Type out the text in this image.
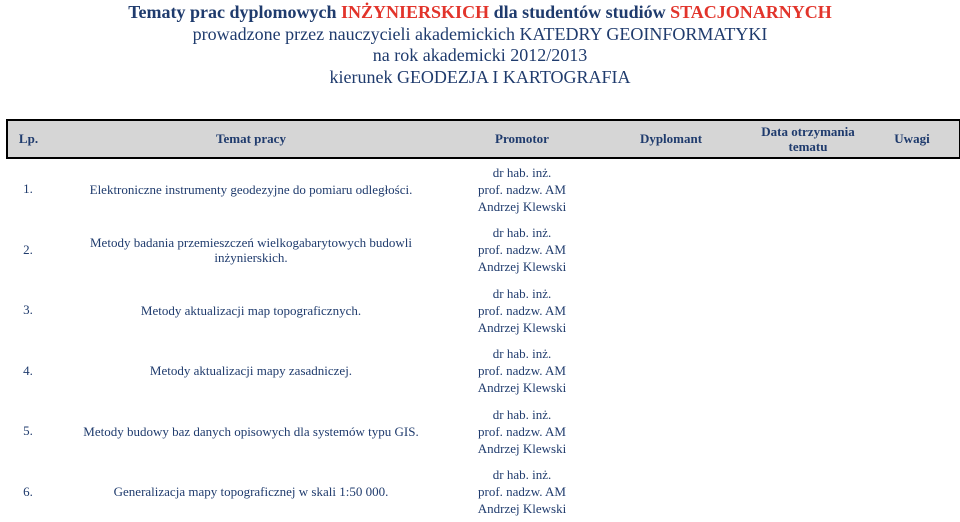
Tematy prac dyplomowych INŻYNIERSKICH dla studentów studiów STACJONARNYCH
prowadzone przez nauczycieli akademickich KATEDRY GEOINFORMATYKI
na rok akademicki 2012/2013
kierunek GEODEZJA I KARTOGRAFIA
Lp.	Temat pracy	Promotor	Dyplomant	Data otrzymania tematu	Uwagi
1.	Elektroniczne instrumenty geodezyjne do pomiaru odległości.	dr hab. inż.
prof. nadzw. AM
Andrzej Klewski			

2.	Metody badania przemieszczeń wielkogabarytowych budowli inżynierskich.	dr hab. inż.
prof. nadzw. AM
Andrzej Klewski			

3.	Metody aktualizacji map topograficznych.	dr hab. inż.
prof. nadzw. AM
Andrzej Klewski			

4.	Metody aktualizacji mapy zasadniczej.	dr hab. inż.
prof. nadzw. AM
Andrzej Klewski			

5.	Metody budowy baz danych opisowych dla systemów typu GIS.	dr hab. inż.
prof. nadzw. AM
Andrzej Klewski			

6.	Generalizacja mapy topograficznej w skali 1:50 000.	dr hab. inż.
prof. nadzw. AM
Andrzej Klewski			
